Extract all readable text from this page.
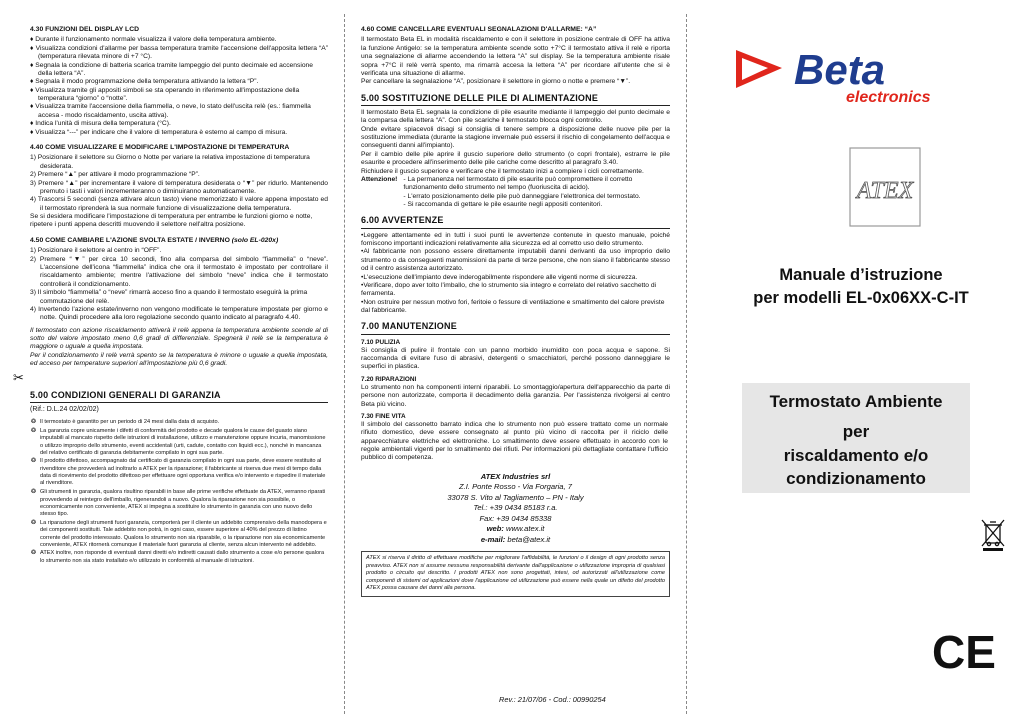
4.30 FUNZIONI DEL DISPLAY LCD

♦ Durante il funzionamento normale visualizza il valore della temperatura ambiente.

♦ Visualizza condizioni d'allarme per bassa temperatura tramite l'accensione dell'apposita lettera “A” (temperatura rilevata minore di +7 °C).

♦ Segnala la condizione di batteria scarica tramite lampeggio del punto decimale ed accensione della lettera “A”.

♦ Segnala il modo programmazione della temperatura attivando la lettera “P”.

♦ Visualizza tramite gli appositi simboli se sta operando in riferimento all'impostazione della temperatura “giorno” o “notte”.

♦ Visualizza tramite l'accensione della fiammella, o neve, lo stato dell'uscita relè (es.: fiammella accesa - modo riscaldamento, uscita attiva).

♦ Indica l'unità di misura della temperatura (°C).

♦ Visualizza “---” per indicare che il valore di temperatura è esterno al campo di misura.

4.40 COME VISUALIZZARE E MODIFICARE L'IMPOSTAZIONE DI TEMPERATURA

1) Posizionare il selettore su Giorno o Notte per variare la relativa impostazione di temperatura desiderata.

2) Premere “▲” per attivare il modo programmazione “P”.

3) Premere “▲” per incrementare il valore di temperatura desiderata o “▼” per ridurlo. Mantenendo premuto i tasti i valori incrementeranno o diminuiranno automaticamente.

4) Trascorsi 5 secondi (senza attivare alcun tasto) viene memorizzato il valore appena impostato ed il termostato riprenderà la sua normale funzione di visualizzazione della temperatura.

Se si desidera modificare l'impostazione di temperatura per entrambe le funzioni giorno e notte, ripetere i punti appena descritti muovendo il selettore nell'altra posizione.

4.50 COME CAMBIARE L'AZIONE SVOLTA ESTATE / INVERNO (solo EL-020x)

1) Posizionare il selettore al centro in “OFF”.

2) Premere “▼” per circa 10 secondi, fino alla comparsa del simbolo “fiammella” o “neve”. L'accensione dell'icona “fiammella” indica che ora il termostato è impostato per controllare il riscaldamento ambiente; mentre l'attivazione del simbolo “neve” indica che il termostato controllerà il condizionamento.

3) Il simbolo “fiammella” o “neve” rimarrà acceso fino a quando il termostato eseguirà la prima commutazione del relè.

4) Invertendo l'azione estate/inverno non vengono modificate le temperature impostate per giorno e notte. Quindi procedere alla loro regolazione secondo quanto indicato al paragrafo 4.40.

Il termostato con azione riscaldamento attiverà il relè appena la temperatura ambiente scende al di sotto del valore impostato meno 0,6 gradi di differenziale. Spegnerà il relè se la temperatura è maggiore o uguale a quella impostata.

Per il condizionamento il relè verrà spento se la temperatura è minore o uguale a quella impostata, ed acceso per temperature superiori all'impostazione più 0,6 gradi.

✂
5.00 CONDIZIONI GENERALI DI GARANZIA

(Rif.: D.L.24 02/02/02)

❂ Il termostato è garantito per un periodo di 24 mesi dalla data di acquisto.
❂ La garanzia copre unicamente i difetti di conformità del prodotto e decade qualora le cause del guasto siano imputabili al mancato rispetto delle istruzioni di installazione, utilizzo e manutenzione oppure incuria, manomissione o utilizzo improprio dello strumento, eventi accidentali (urti, cadute, contatto con liquidi ecc.), nonché in mancanza del relativo certificato di garanzia debitamente compilato in ogni sua parte.
❂ Il prodotto difettoso, accompagnato dal certificato di garanzia compilato in ogni sua parte, deve essere restituito al rivenditore che provvederà ad inoltrarlo a ATEX per la riparazione; il fabbricante si riserva due mesi di tempo dalla data di ricevimento del prodotto difettoso per effettuare ogni opportuna verifica e/o intervento e rispedire il materiale al rivenditore.
❂ Gli strumenti in garanzia, qualora risultino riparabili in base alle prime verifiche effettuate da ATEX, verranno riparati provvedendo al reintegro dell'imballo, rigenerandoli a nuovo. Qualora la riparazione non sia possibile, o economicamente non conveniente, ATEX si impegna a sostituire lo strumento in garanzia con uno nuovo dello stesso tipo.
❂ La riparazione degli strumenti fuori garanzia, comporterà per il cliente un addebito comprensivo della manodopera e dei componenti sostituiti. Tale addebito non potrà, in ogni caso, essere superiore al 40% del prezzo di listino corrente del prodotto interessato. Qualora lo strumento non sia riparabile, o la riparazione non sia economicamente conveniente, ATEX ritornerà comunque il materiale fuori garanzia al cliente, senza alcun intervento né addebito.
❂ ATEX inoltre, non risponde di eventuali danni diretti e/o indiretti causati dallo strumento a cose e/o persone qualora lo strumento non sia stato installato e/o utilizzato in conformità al manuale di istruzioni.
4.60 COME CANCELLARE EVENTUALI SEGNALAZIONI D'ALLARME: “A”

Il termostato Beta EL in modalità riscaldamento e con il selettore in posizione centrale di OFF ha attiva la funzione Antigelo: se la temperatura ambiente scende sotto +7°C il termostato attiva il relè e riporta una segnalazione di allarme accendendo la lettera “A” sul display. Se la temperatura ambiente risale sopra +7°C il relè verrà spento, ma rimarrà accesa la lettera “A” per ricordare all'utente che si è verificata una situazione di allarme.

Per cancellare la segnalazione “A”, posizionare il selettore in giorno o notte e premere “▼”.

5.00 SOSTITUZIONE DELLE PILE DI ALIMENTAZIONE

Il termostato Beta EL segnala la condizione di pile esaurite mediante il lampeggio del punto decimale e la comparsa della lettera “A”. Con pile scariche il termostato blocca ogni controllo.

Onde evitare spiacevoli disagi si consiglia di tenere sempre a disposizione delle nuove pile per la sostituzione immediata (durante la stagione invernale può essersi il rischio di congelamento dell'acqua e conseguenti danni all'impianto).

Per il cambio delle pile aprire il guscio superiore dello strumento (o copri frontale), estrarre le pile esaurite e procedere all'inserimento delle pile cariche come descritto al paragrafo 3.40.

Richiudere il guscio superiore e verificare che il termostato inizi a compiere i cicli correttamente.

Attenzione! - La permanenza nel termostato di pile esaurite può compromettere il corretto funzionamento dello strumento nel tempo (fuoriuscita di acido).

- L'errato posizionamento delle pile può danneggiare l'elettronica del termostato.

- Si raccomanda di gettare le pile esaurite negli appositi contenitori.

6.00 AVVERTENZE

•Leggere attentamente ed in tutti i suoi punti le avvertenze contenute in questo manuale, poiché forniscono importanti indicazioni relativamente alla sicurezza ed al corretto uso dello strumento.

•Al fabbricante non possono essere direttamente imputabili danni derivanti da uso improprio dello strumento o da conseguenti manomissioni da parte di terze persone, che non siano il fabbricante stesso od il centro assistenza autorizzato.

•L'esecuzione dell'impianto deve inderogabilmente rispondere alle vigenti norme di sicurezza.

•Verificare, dopo aver tolto l'imballo, che lo strumento sia integro e correlato del relativo sacchetto di ferramenta.

•Non ostruire per nessun motivo fori, feritoie o fessure di ventilazione e smaltimento del calore previste dal fabbricante.

7.00 MANUTENZIONE
7.10 PULIZIA

Si consiglia di pulire il frontale con un panno morbido inumidito con poca acqua e sapone. Si raccomanda di evitare l'uso di abrasivi, detergenti o smacchiatori, perché possono danneggiare le superfici in plastica.

7.20 RIPARAZIONI

Lo strumento non ha componenti interni riparabili. Lo smontaggio/apertura dell'apparecchio da parte di persone non autorizzate, comporta il decadimento della garanzia. Per l'assistenza rivolgersi al centro Beta più vicino.

7.30 FINE VITA

Il simbolo del cassonetto barrato indica che lo strumento non può essere trattato come un normale rifiuto domestico, deve essere consegnato al punto più vicino di raccolta per il riciclo delle apparecchiature elettriche ed elettroniche. Lo smaltimento deve essere effettuato in accordo con le regole ambientali vigenti per lo smaltimento dei rifiuti. Per informazioni più dettagliate contattare l'ufficio pubblico di competenza.

ATEX Industries srl
Z.I. Ponte Rosso - Via Forgaria, 7
33078 S. Vito al Tagliamento – PN - Italy
Tel.: +39 0434 85183 r.a.
Fax: +39 0434 85338
web: www.atex.it
e-mail: beta@atex.it
ATEX si riserva il diritto di effettuare modifiche per migliorare l'affidabilità, le funzioni o il design di ogni prodotto senza preavviso. ATEX non si assume nessuna responsabilità derivante dall'applicazione o utilizzazione impropria di qualsiasi prodotto o circuito qui descritto. I prodotti ATEX non sono progettati, intesi, od autorizzati all'utilizzazione come componenti di sistemi od applicazioni dove l'applicazione od utilizzazione può essere nella quale un difetto del prodotto ATEX possa causare dei danni alla persona.
Rev.: 21/07/06 - Cod.: 00990254
Beta
electronics
ATEX
Manuale d’istruzione
per modelli EL-0x06XX-C-IT
Termostato Ambiente
per
riscaldamento e/o
condizionamento
CE
